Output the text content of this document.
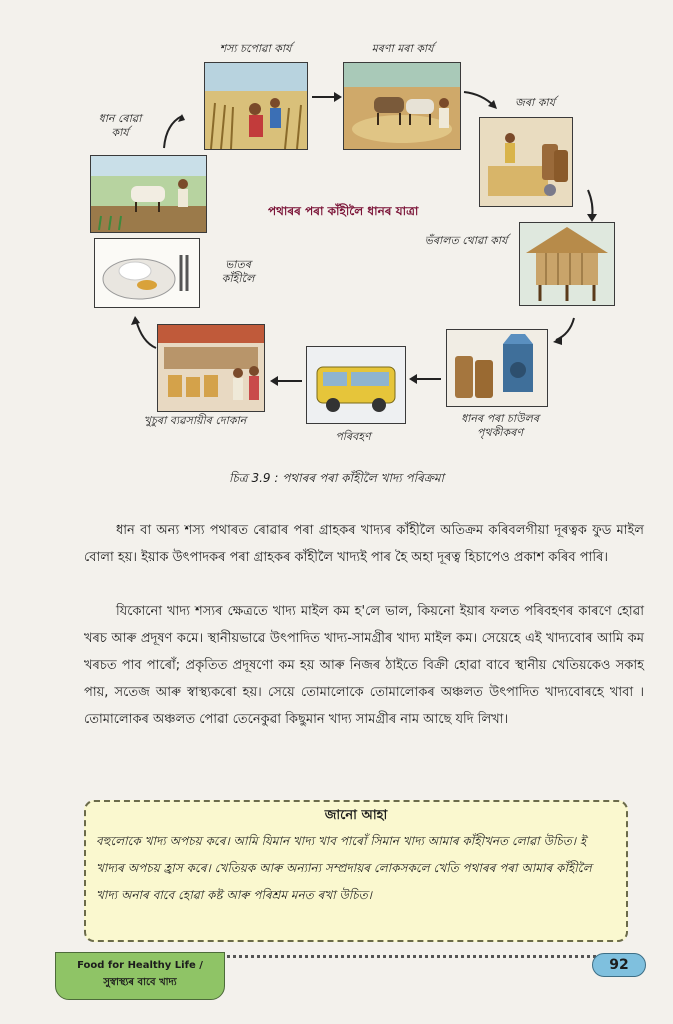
শস্য চপোৱা কাৰ্য	মৰণা মৰা কাৰ্য
ধান ৰোৱা কাৰ্য
জৰা কাৰ্য
ভঁৰালত থোৱা কাৰ্য
ভাতৰ কাঁহীলৈ
ধানৰ পৰা চাউলৰ পৃথকীকৰণ
পৰিবহণ
খুচুৰা ব্যৱসায়ীৰ দোকান
পথাৰৰ পৰা কাঁহীলৈ ধানৰ যাত্ৰা
চিত্ৰ 3.9 : পথাৰৰ পৰা কাঁহীলৈ খাদ্য পৰিক্ৰমা
ধান বা অন্য শস্য পথাৰত ৰোৱাৰ পৰা গ্ৰাহকৰ খাদ্যৰ কাঁহীলৈ অতিক্ৰম কৰিবলগীয়া দূৰত্বক ফুড মাইল বোলা হয়। ইয়াক উৎপাদকৰ পৰা গ্ৰাহকৰ কাঁহীলৈ খাদ্যই পাৰ হৈ অহা দূৰত্ব হিচাপেও প্ৰকাশ কৰিব পাৰি।
যিকোনো খাদ্য শস্যৰ ক্ষেত্ৰতে খাদ্য মাইল কম হ'লে ভাল, কিয়নো ইয়াৰ ফলত পৰিবহণৰ কাৰণে হোৱা খৰচ আৰু প্ৰদূষণ কমে। স্থানীয়ভাৱে উৎপাদিত খাদ্য-সামগ্ৰীৰ খাদ্য মাইল কম। সেয়েহে এই খাদ্যবোৰ আমি কম খৰচত পাব পাৰোঁ; প্ৰকৃতিত প্ৰদূষণো কম হয় আৰু নিজৰ ঠাইতে বিক্ৰী হোৱা বাবে স্থানীয় খেতিয়কেও সকাহ পায়, সতেজ আৰু স্বাস্থ্যকৰো হয়। সেয়ে তোমালোকে তোমালোকৰ অঞ্চলত উৎপাদিত খাদ্যবোৰহে খাবা । তোমালোকৰ অঞ্চলত পোৱা তেনেকুৱা কিছুমান খাদ্য সামগ্ৰীৰ নাম আছে যদি লিখা।
জানো আহা
বহুলোকে খাদ্য অপচয় কৰে। আমি যিমান খাদ্য খাব পাৰোঁ সিমান খাদ্য আমাৰ কাঁহীখনত লোৱা উচিত। ই খাদ্যৰ অপচয় হ্ৰাস কৰে। খেতিয়ক আৰু অন্যান্য সম্প্ৰদায়ৰ লোকসকলে খেতি পথাৰৰ পৰা আমাৰ কাঁহীলৈ খাদ্য অনাৰ বাবে হোৱা কষ্ট আৰু পৰিশ্ৰম মনত ৰখা উচিত।
Food for Healthy Life /
সুস্বাস্থ্যৰ বাবে খাদ্য
92
